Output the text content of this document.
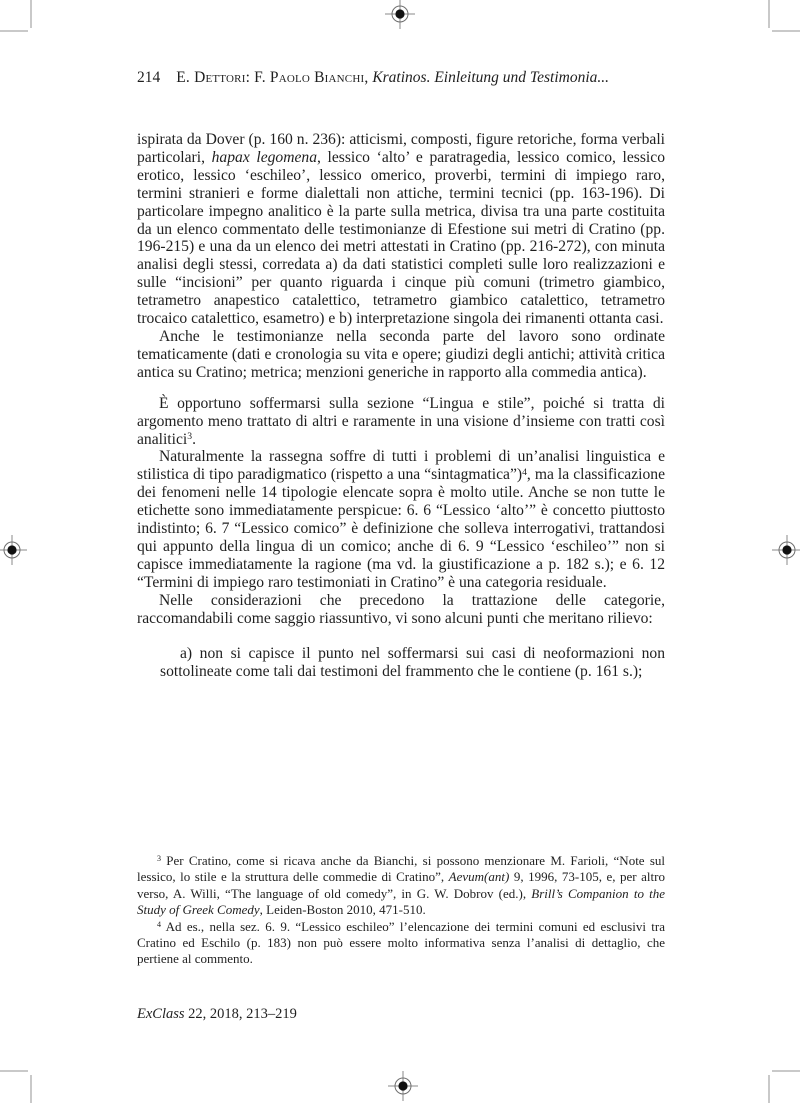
214 E. Dettori: F. Paolo Bianchi, Kratinos. Einleitung und Testimonia...

ispirata da Dover (p. 160 n. 236): atticismi, composti, figure retoriche, forma verbali particolari, hapax legomena, lessico ‘alto’ e paratragedia, lessico comico, lessico erotico, lessico ‘eschileo’, lessico omerico, proverbi, termini di impiego raro, termini stranieri e forme dialettali non attiche, termini tecnici (pp. 163-196). Di particolare impegno analitico è la parte sulla metrica, divisa tra una parte costituita da un elenco commentato delle testimonianze di Efestione sui metri di Cratino (pp. 196-215) e una da un elenco dei metri attestati in Cratino (pp. 216-272), con minuta analisi degli stessi, corredata a) da dati statistici completi sulle loro realizzazioni e sulle “incisioni” per quanto riguarda i cinque più comuni (trimetro giambico, tetrametro anapestico catalettico, tetrametro giambico catalettico, tetrametro trocaico catalettico, esametro) e b) interpretazione singola dei rimanenti ottanta casi.

Anche le testimonianze nella seconda parte del lavoro sono ordinate tematicamente (dati e cronologia su vita e opere; giudizi degli antichi; attività critica antica su Cratino; metrica; menzioni generiche in rapporto alla commedia antica).

È opportuno soffermarsi sulla sezione “Lingua e stile”, poiché si tratta di argomento meno trattato di altri e raramente in una visione d’insieme con tratti così analitici$^3$.

Naturalmente la rassegna soffre di tutti i problemi di un’analisi linguistica e stilistica di tipo paradigmatico (rispetto a una “sintagmatica”)$^4$, ma la classificazione dei fenomeni nelle 14 tipologie elencate sopra è molto utile. Anche se non tutte le etichette sono immediatamente perspicue: 6. 6 “Lessico ‘alto’” è concetto piuttosto indistinto; 6. 7 “Lessico comico” è definizione che solleva interrogativi, trattandosi qui appunto della lingua di un comico; anche di 6. 9 “Lessico ‘eschileo’” non si capisce immediatamente la ragione (ma vd. la giustificazione a p. 182 s.); e 6. 12 “Termini di impiego raro testimoniati in Cratino” è una categoria residuale.

Nelle considerazioni che precedono la trattazione delle categorie, raccomandabili come saggio riassuntivo, vi sono alcuni punti che meritano rilievo:

a) non si capisce il punto nel soffermarsi sui casi di neoformazioni non sottolineate come tali dai testimoni del frammento che le contiene (p. 161 s.);

$^3$ Per Cratino, come si ricava anche da Bianchi, si possono menzionare M. Farioli, “Note sul lessico, lo stile e la struttura delle commedie di Cratino”, Aevum(ant) 9, 1996, 73-105, e, per altro verso, A. Willi, “The language of old comedy”, in G. W. Dobrov (ed.), Brill’s Companion to the Study of Greek Comedy, Leiden-Boston 2010, 471-510.

$^4$ Ad es., nella sez. 6. 9. “Lessico eschileo” l’elencazione dei termini comuni ed esclusivi tra Cratino ed Eschilo (p. 183) non può essere molto informativa senza l’analisi di dettaglio, che pertiene al commento.

ExClass 22, 2018, 213–219
